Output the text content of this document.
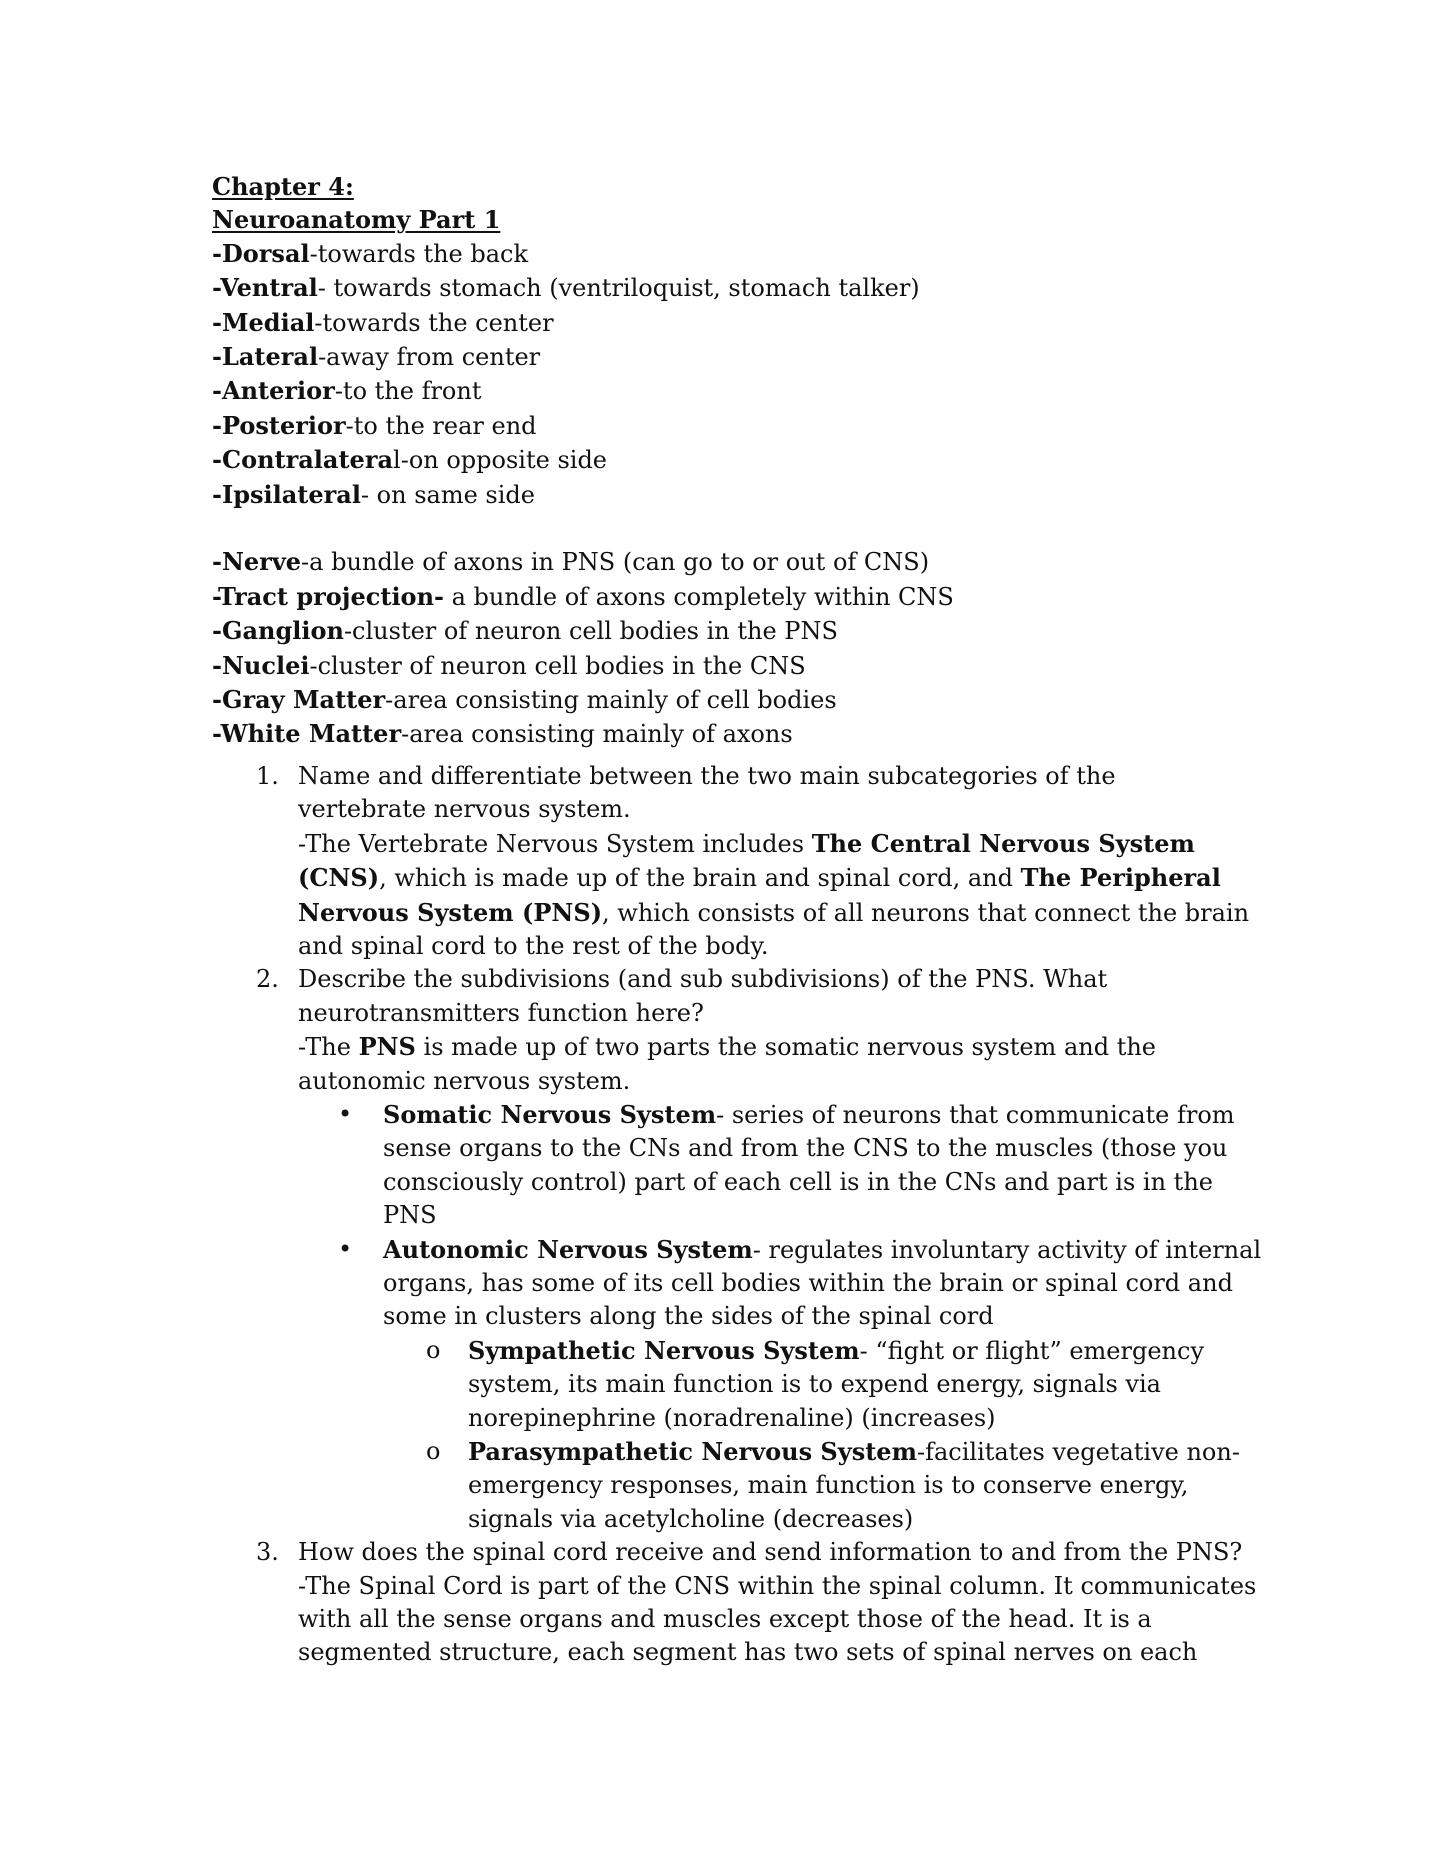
Chapter 4:
Neuroanatomy Part 1
-Dorsal-towards the back
-Ventral- towards stomach (ventriloquist, stomach talker)
-Medial-towards the center
-Lateral-away from center
-Anterior-to the front
-Posterior-to the rear end
-Contralateral-on opposite side
-Ipsilateral- on same side
-Nerve-a bundle of axons in PNS (can go to or out of CNS)
-Tract projection- a bundle of axons completely within CNS
-Ganglion-cluster of neuron cell bodies in the PNS
-Nuclei-cluster of neuron cell bodies in the CNS
-Gray Matter-area consisting mainly of cell bodies
-White Matter-area consisting mainly of axons
1. Name and differentiate between the two main subcategories of the
vertebrate nervous system.
-The Vertebrate Nervous System includes The Central Nervous System (CNS), which is made up of the brain and spinal cord, and The Peripheral Nervous System (PNS), which consists of all neurons that connect the brain and spinal cord to the rest of the body.
2. Describe the subdivisions (and sub subdivisions) of the PNS. What
neurotransmitters function here?
-The PNS is made up of two parts the somatic nervous system and the autonomic nervous system.
• Somatic Nervous System- series of neurons that communicate from sense organs to the CNs and from the CNS to the muscles (those you consciously control) part of each cell is in the CNs and part is in the PNS
• Autonomic Nervous System- regulates involuntary activity of internal organs, has some of its cell bodies within the brain or spinal cord and some in clusters along the sides of the spinal cord
o Sympathetic Nervous System- “fight or flight” emergency system, its main function is to expend energy, signals via norepinephrine (noradrenaline) (increases)
o Parasympathetic Nervous System-facilitates vegetative non-emergency responses, main function is to conserve energy, signals via acetylcholine (decreases)
3. How does the spinal cord receive and send information to and from the PNS?
-The Spinal Cord is part of the CNS within the spinal column. It communicates with all the sense organs and muscles except those of the head. It is a segmented structure, each segment has two sets of spinal nerves on each
